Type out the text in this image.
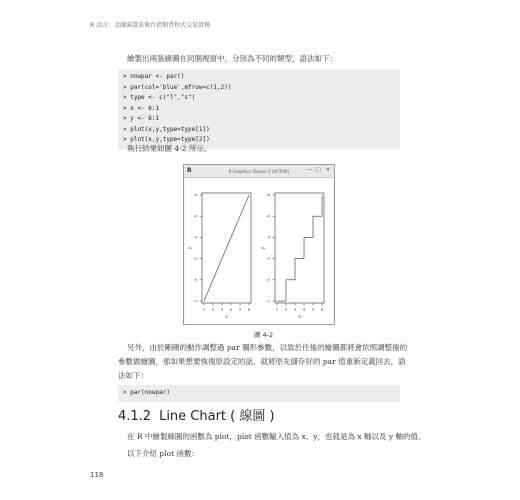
R 語言：金融演算法與台指期貨程式交易實務
繪製出兩張線圖在同個視窗中，分別為不同的類型，語法如下：
> nowpar <- par()
> par(col='blue',mfrow=c(1,2))
> type <- c("l","s")
> x <- 6:1
> y <- 6:1
> plot(x,y,type=type[1])
> plot(x,y,type=type[2])
執行結果如圖 4-2 所示。
R	R Graphics: Device 2 (ACTIVE)	— □ ✕
1 2 3 4 5 6
1
2
3
4
5
6
x
y
1 2 3 4 5 6
1
2
3
4
5
6
x
y
圖 4-2
另外，由於剛剛的動作調整過 par 圖形參數，以致於往後的繪圖都將會依照調整後的
參數做繪圖，那如果想要恢復原設定的話，就將原先儲存好的 par 值重新定義回去，語
法如下：
> par(nowpar)
4.1.2 Line Chart ( 線圖 )
在 R 中繪製線圖的函數為 plot，plot 函數輸入值為 x、y，也就是為 x 軸以及 y 軸的值。
以下介紹 plot 函數：
118
